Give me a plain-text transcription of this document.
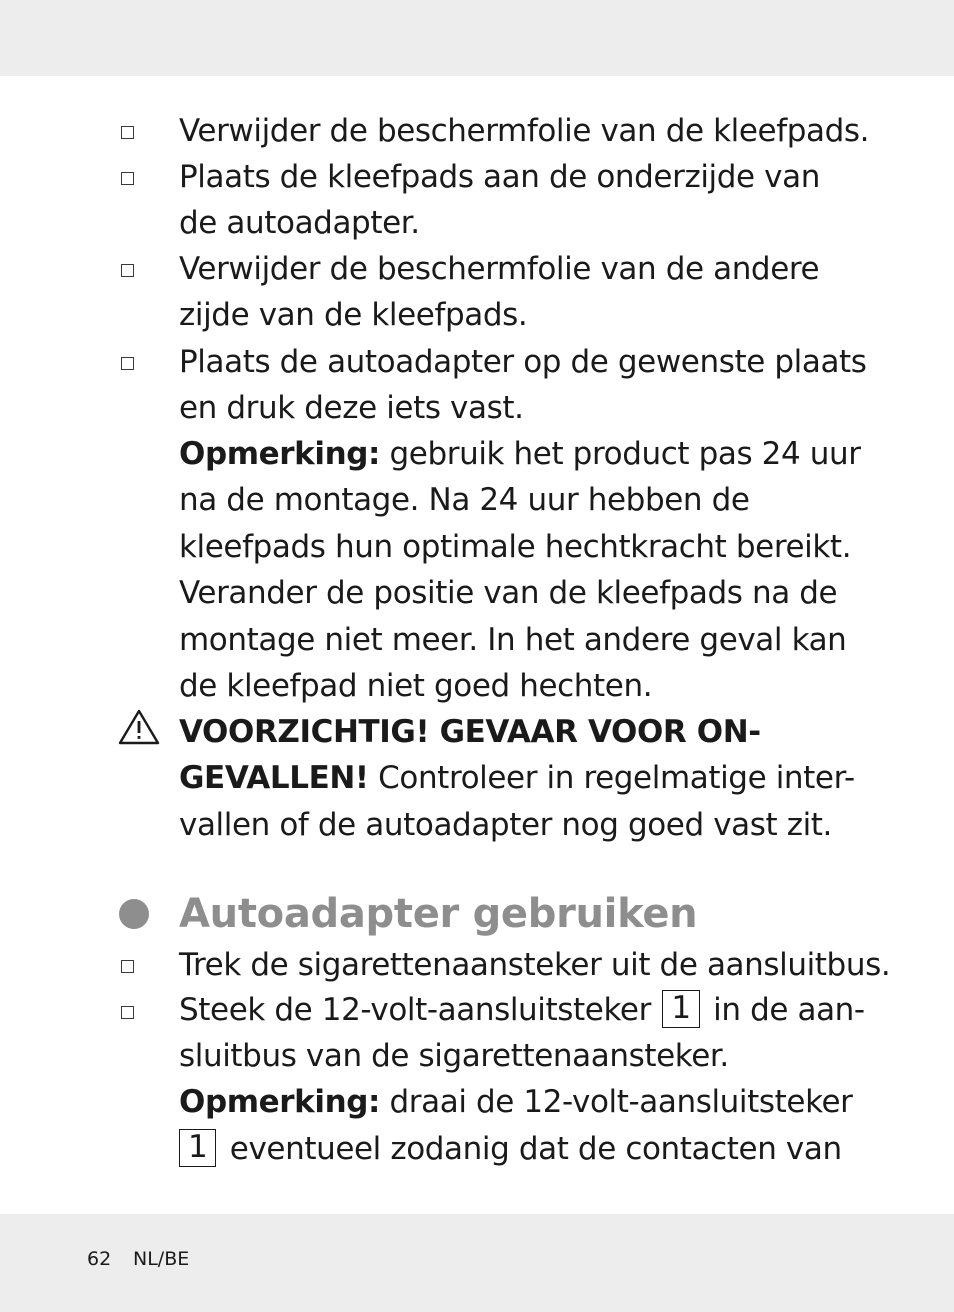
Verwijder de beschermfolie van de kleefpads.
Plaats de kleefpads aan de onderzijde van
de autoadapter.
Verwijder de beschermfolie van de andere
zijde van de kleefpads.
Plaats de autoadapter op de gewenste plaats
en druk deze iets vast.
Opmerking: gebruik het product pas 24 uur
na de montage. Na 24 uur hebben de
kleefpads hun optimale hechtkracht bereikt.
Verander de positie van de kleefpads na de
montage niet meer. In het andere geval kan
de kleefpad niet goed hechten.
VOORZICHTIG! GEVAAR VOOR ON-
GEVALLEN! Controleer in regelmatige inter-
vallen of de autoadapter nog goed vast zit.
Autoadapter gebruiken
Trek de sigarettenaansteker uit de aansluitbus.
Steek de 12-volt-aansluitsteker 1 in de aan-
sluitbus van de sigarettenaansteker.
Opmerking: draai de 12-volt-aansluitsteker
1 eventueel zodanig dat de contacten van
62 NL/BE
